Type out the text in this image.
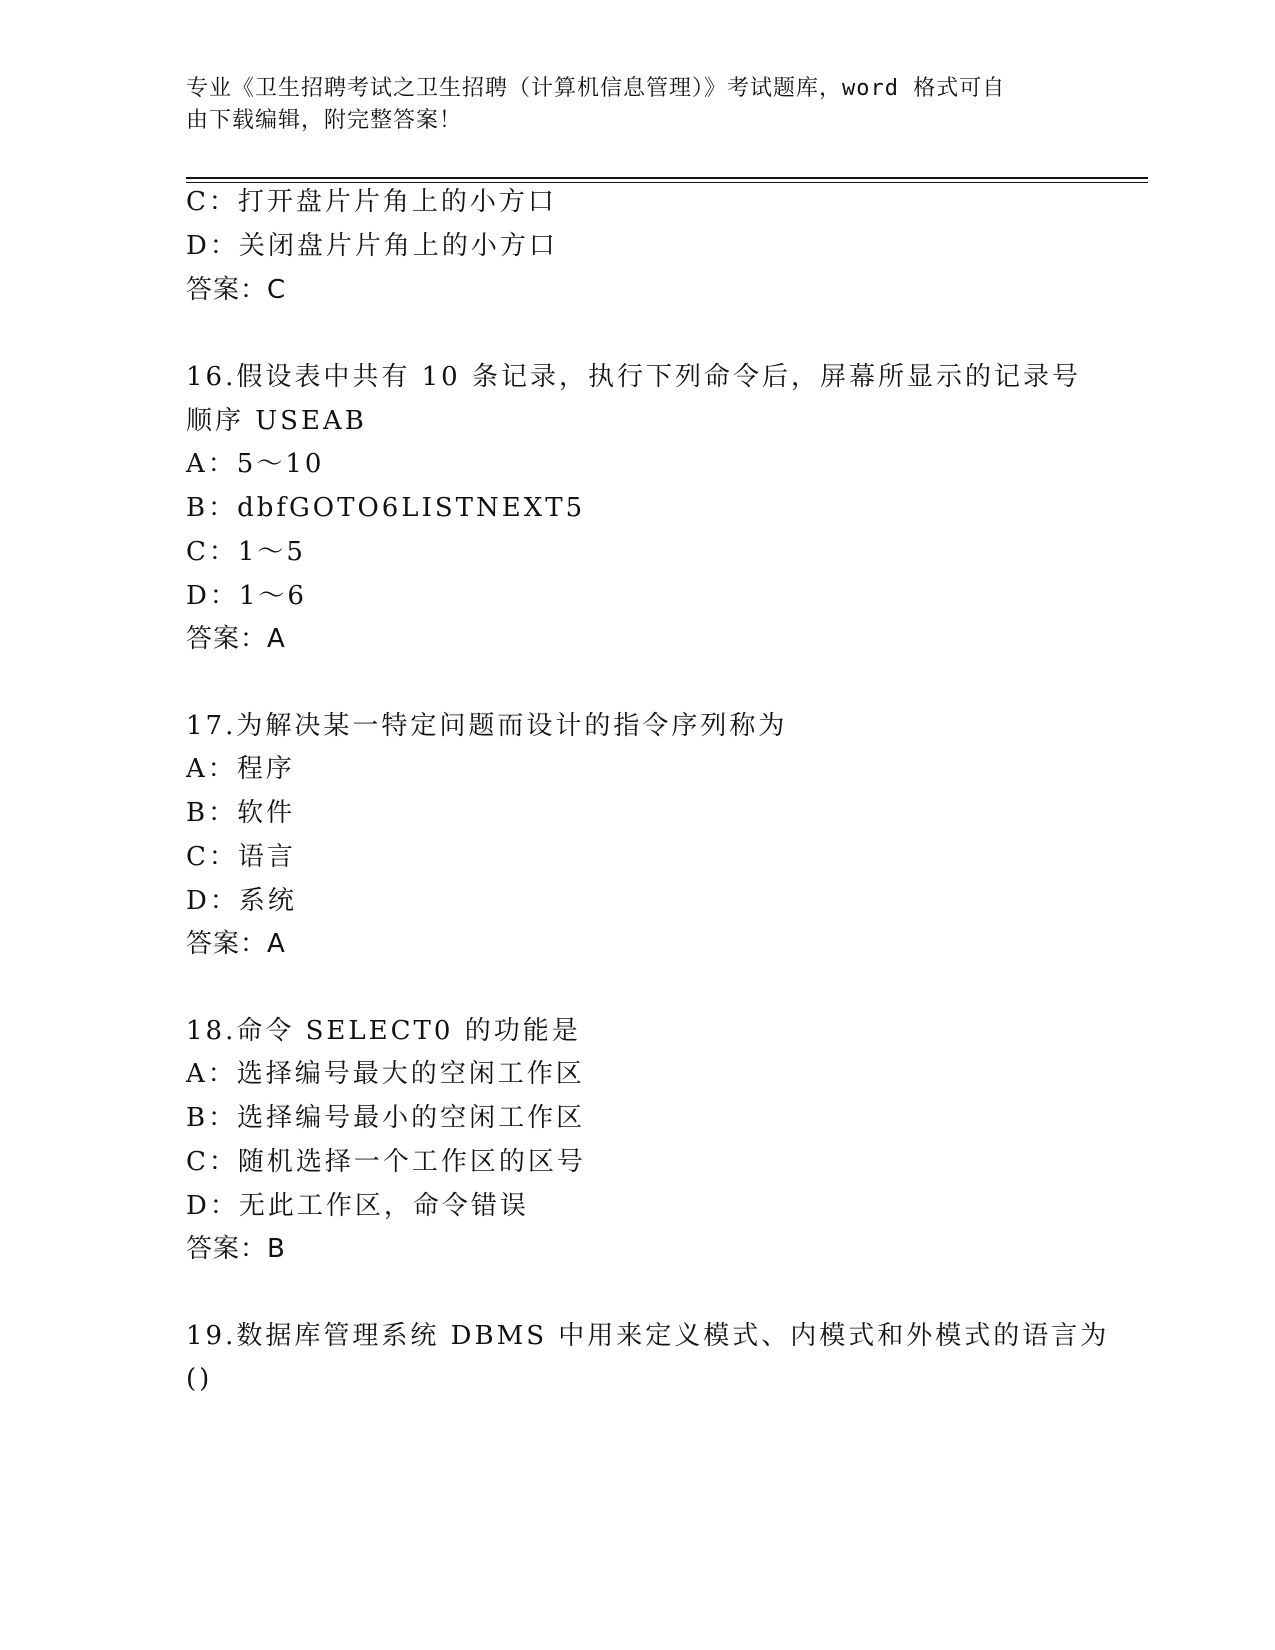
专业《卫生招聘考试之卫生招聘（计算机信息管理）》考试题库，word 格式可自
由下载编辑，附完整答案！
C：打开盘片片角上的小方口
D：关闭盘片片角上的小方口
答案：C
16.假设表中共有 10 条记录，执行下列命令后，屏幕所显示的记录号
顺序 USEAB
A：5～10
B：dbfGOTO6LISTNEXT5
C：1～5
D：1～6
答案：A
17.为解决某一特定问题而设计的指令序列称为
A：程序
B：软件
C：语言
D：系统
答案：A
18.命令 SELECT0 的功能是
A：选择编号最大的空闲工作区
B：选择编号最小的空闲工作区
C：随机选择一个工作区的区号
D：无此工作区，命令错误
答案：B
19.数据库管理系统 DBMS 中用来定义模式、内模式和外模式的语言为
()
